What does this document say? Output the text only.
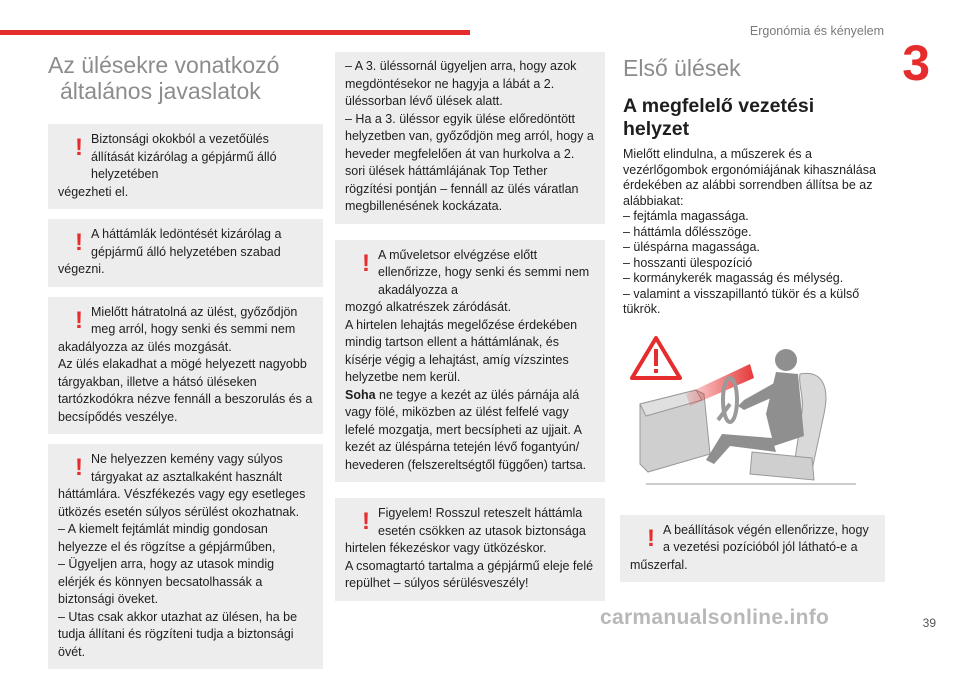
Ergonómia és kényelem
3
Az ülésekre vonatkozó
általános javaslatok
! Biztonsági okokból a vezetőülés állítását kizárólag a gépjármű álló helyzetében
végezheti el.
! A háttámlák ledöntését kizárólag a gépjármű álló helyzetében szabad
végezni.
! Mielőtt hátratolná az ülést, győződjön meg arról, hogy senki és semmi nem
akadályozza az ülés mozgását.
Az ülés elakadhat a mögé helyezett nagyobb tárgyakban, illetve a hátsó üléseken tartózkodókra nézve fennáll a beszorulás és a becsípődés veszélye.
! Ne helyezzen kemény vagy súlyos tárgyakat az asztalkaként használt
háttámlára. Vészfékezés vagy egy esetleges ütközés esetén súlyos sérülést okozhatnak.
– A kiemelt fejtámlát mindig gondosan helyezze el és rögzítse a gépjárműben,
– Ügyeljen arra, hogy az utasok mindig elérjék és könnyen becsatolhassák a biztonsági öveket.
– Utas csak akkor utazhat az ülésen, ha be tudja állítani és rögzíteni tudja a biztonsági övét.
– A 3. üléssornál ügyeljen arra, hogy azok megdöntésekor ne hagyja a lábát a 2. üléssorban lévő ülések alatt.
– Ha a 3. üléssor egyik ülése előredöntött helyzetben van, győződjön meg arról, hogy a heveder megfelelően át van hurkolva a 2. sori ülések háttámlájának Top Tether rögzítési pontján – fennáll az ülés váratlan megbillenésének kockázata.
! A műveletsor elvégzése előtt ellenőrizze, hogy senki és semmi nem akadályozza a
mozgó alkatrészek záródását.
A hirtelen lehajtás megelőzése érdekében mindig tartson ellent a háttámlának, és kísérje végig a lehajtást, amíg vízszintes helyzetbe nem kerül.
Soha ne tegye a kezét az ülés párnája alá vagy fölé, miközben az ülést felfelé vagy lefelé mozgatja, mert becsípheti az ujjait. A kezét az üléspárna tetején lévő fogantyún/ hevederen (felszereltségtől függően) tartsa.
! Figyelem! Rosszul reteszelt háttámla esetén csökken az utasok biztonsága
hirtelen fékezéskor vagy ütközéskor.
A csomagtartó tartalma a gépjármű eleje felé repülhet – súlyos sérülésveszély!
Első ülések
A megfelelő vezetési helyzet
Mielőtt elindulna, a műszerek és a vezérlőgombok ergonómiájának kihasználása érdekében az alábbi sorrendben állítsa be az alábbiakat:
– fejtámla magassága.
– háttámla dőlésszöge.
– üléspárna magassága.
– hosszanti ülespozíció
– kormánykerék magasság és mélység.
– valamint a visszapillantó tükör és a külső tükrök.
! A beállítások végén ellenőrizze, hogy a vezetési pozícióból jól látható-e a
műszerfal.
carmanualsonline.info	39
